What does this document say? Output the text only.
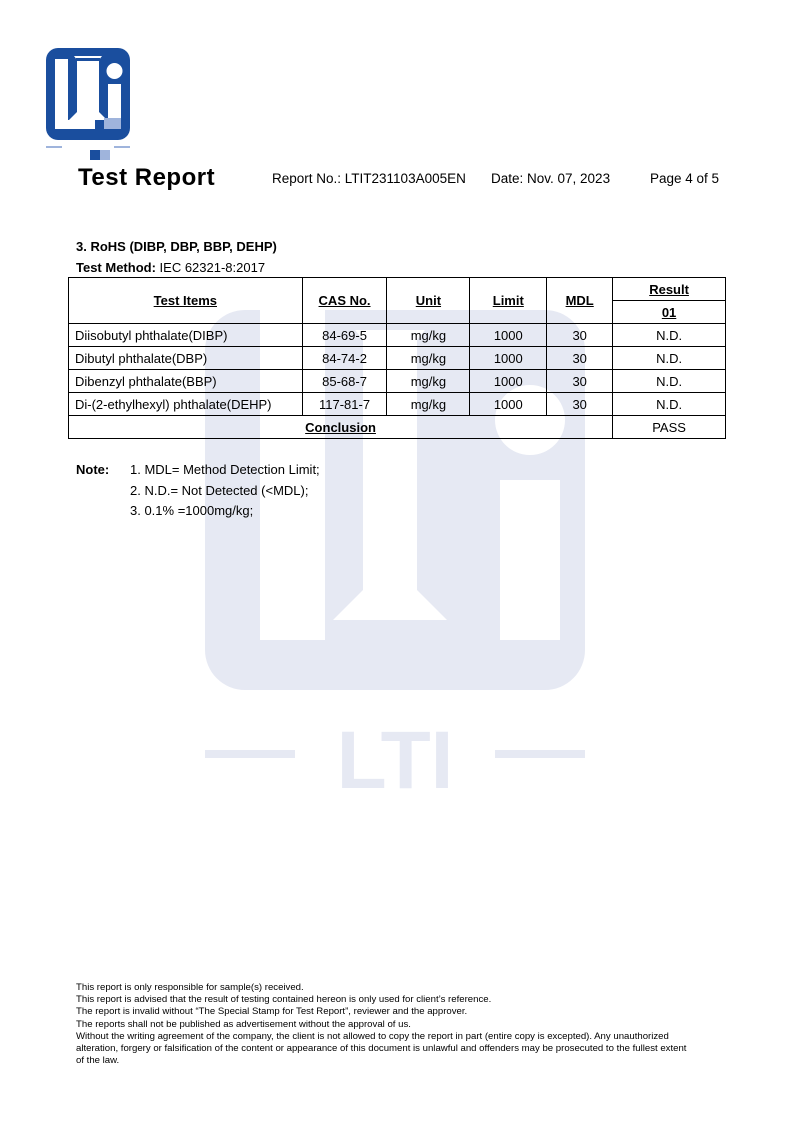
LTI
Test Report	Report No.: LTIT231103A005EN Date: Nov. 07, 2023	Page 4 of 5
3. RoHS (DIBP, DBP, BBP, DEHP)
Test Method: IEC 62321-8:2017
Test Items	CAS No.	Unit	Limit	MDL	Result
					01
Diisobutyl phthalate(DIBP)	84-69-5	mg/kg	1000	30	N.D.
Dibutyl phthalate(DBP)	84-74-2	mg/kg	1000	30	N.D.
Dibenzyl phthalate(BBP)	85-68-7	mg/kg	1000	30	N.D.
Di-(2-ethylhexyl) phthalate(DEHP)	117-81-7	mg/kg	1000	30	N.D.
Conclusion					PASS
Note: 1. MDL= Method Detection Limit;
2. N.D.= Not Detected (<MDL);
3. 0.1% =1000mg/kg;

This report is only responsible for sample(s) received.

This report is advised that the result of testing contained hereon is only used for client’s reference.

The report is invalid without “The Special Stamp for Test Report”, reviewer and the approver.

The reports shall not be published as advertisement without the approval of us.

Without the writing agreement of the company, the client is not allowed to copy the report in part (entire copy is excepted). Any unauthorized alteration, forgery or falsification of the content or appearance of this document is unlawful and offenders may be prosecuted to the fullest extent of the law.
